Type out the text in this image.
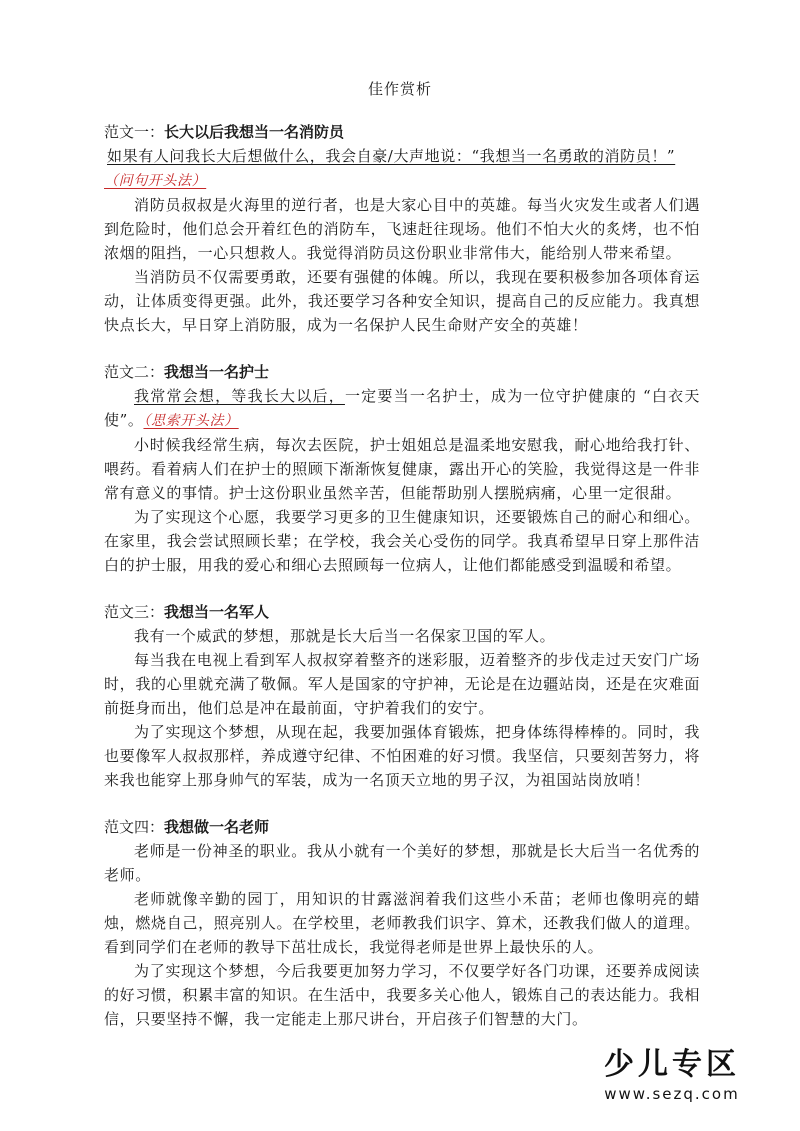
佳作赏析
范文一：长大以后我想当一名消防员

如果有人问我长大后想做什么，我会自豪/大声地说：“我想当一名勇敢的消防员！”
（问句开头法）

消防员叔叔是火海里的逆行者，也是大家心目中的英雄。每当火灾发生或者人们遇到危险时，他们总会开着红色的消防车，飞速赶往现场。他们不怕大火的炙烤，也不怕浓烟的阻挡，一心只想救人。我觉得消防员这份职业非常伟大，能给别人带来希望。

当消防员不仅需要勇敢，还要有强健的体魄。所以，我现在要积极参加各项体育运动，让体质变得更强。此外，我还要学习各种安全知识，提高自己的反应能力。我真想快点长大，早日穿上消防服，成为一名保护人民生命财产安全的英雄！

范文二：我想当一名护士

我常常会想，等我长大以后，一定要当一名护士，成为一位守护健康的 “白衣天使”。（思索开头法）

小时候我经常生病，每次去医院，护士姐姐总是温柔地安慰我，耐心地给我打针、喂药。看着病人们在护士的照顾下渐渐恢复健康，露出开心的笑脸，我觉得这是一件非常有意义的事情。护士这份职业虽然辛苦，但能帮助别人摆脱病痛，心里一定很甜。

为了实现这个心愿，我要学习更多的卫生健康知识，还要锻炼自己的耐心和细心。在家里，我会尝试照顾长辈；在学校，我会关心受伤的同学。我真希望早日穿上那件洁白的护士服，用我的爱心和细心去照顾每一位病人，让他们都能感受到温暖和希望。

范文三：我想当一名军人

我有一个威武的梦想，那就是长大后当一名保家卫国的军人。

每当我在电视上看到军人叔叔穿着整齐的迷彩服，迈着整齐的步伐走过天安门广场时，我的心里就充满了敬佩。军人是国家的守护神，无论是在边疆站岗，还是在灾难面前挺身而出，他们总是冲在最前面，守护着我们的安宁。

为了实现这个梦想，从现在起，我要加强体育锻炼，把身体练得棒棒的。同时，我也要像军人叔叔那样，养成遵守纪律、不怕困难的好习惯。我坚信，只要刻苦努力，将来我也能穿上那身帅气的军装，成为一名顶天立地的男子汉，为祖国站岗放哨！

范文四：我想做一名老师

老师是一份神圣的职业。我从小就有一个美好的梦想，那就是长大后当一名优秀的老师。

老师就像辛勤的园丁，用知识的甘露滋润着我们这些小禾苗；老师也像明亮的蜡烛，燃烧自己，照亮别人。在学校里，老师教我们识字、算术，还教我们做人的道理。看到同学们在老师的教导下茁壮成长，我觉得老师是世界上最快乐的人。

为了实现这个梦想，今后我要更加努力学习，不仅要学好各门功课，还要养成阅读的好习惯，积累丰富的知识。在生活中，我要多关心他人，锻炼自己的表达能力。我相信，只要坚持不懈，我一定能走上那尺讲台，开启孩子们智慧的大门。

少儿专区
www.sezq.com
